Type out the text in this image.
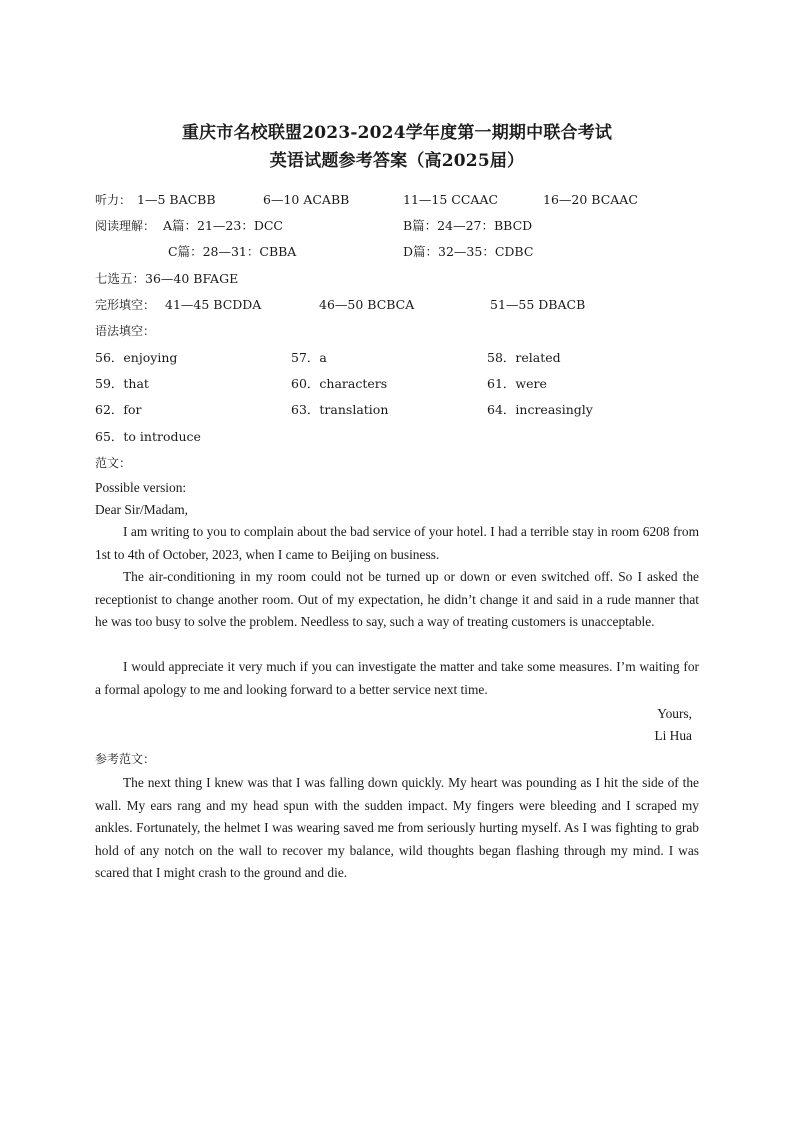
重庆市名校联盟2023-2024学年度第一期期中联合考试
英语试题参考答案（高2025届）
听力： 1—5 BACBB	6—10 ACABB	11—15 CCAAC	16—20 BCAAC
阅读理解： A篇：21—23：DCC	B篇：24—27：BBCD
C篇：28—31：CBBA	D篇：32—35：CDBC
七选五：36—40 BFAGE
完形填空： 41—45 BCDDA	46—50 BCBCA	51—55 DBACB
语法填空：
56．enjoying	57．a	58．related
59．that	60．characters	61．were
62．for	63．translation	64．increasingly
65．to introduce
范文：
Possible version:
Dear Sir/Madam,

I am writing to you to complain about the bad service of your hotel. I had a terrible stay in room 6208 from 1st to 4th of October, 2023, when I came to Beijing on business.

The air-conditioning in my room could not be turned up or down or even switched off. So I asked the receptionist to change another room. Out of my expectation, he didn’t change it and said in a rude manner that he was too busy to solve the problem. Needless to say, such a way of treating customers is unacceptable.

I would appreciate it very much if you can investigate the matter and take some measures. I’m waiting for a formal apology to me and looking forward to a better service next time.

Yours,
Li Hua
参考范文：

The next thing I knew was that I was falling down quickly. My heart was pounding as I hit the side of the wall. My ears rang and my head spun with the sudden impact. My fingers were bleeding and I scraped my ankles. Fortunately, the helmet I was wearing saved me from seriously hurting myself. As I was fighting to grab hold of any notch on the wall to recover my balance, wild thoughts began flashing through my mind. I was scared that I might crash to the ground and die.
